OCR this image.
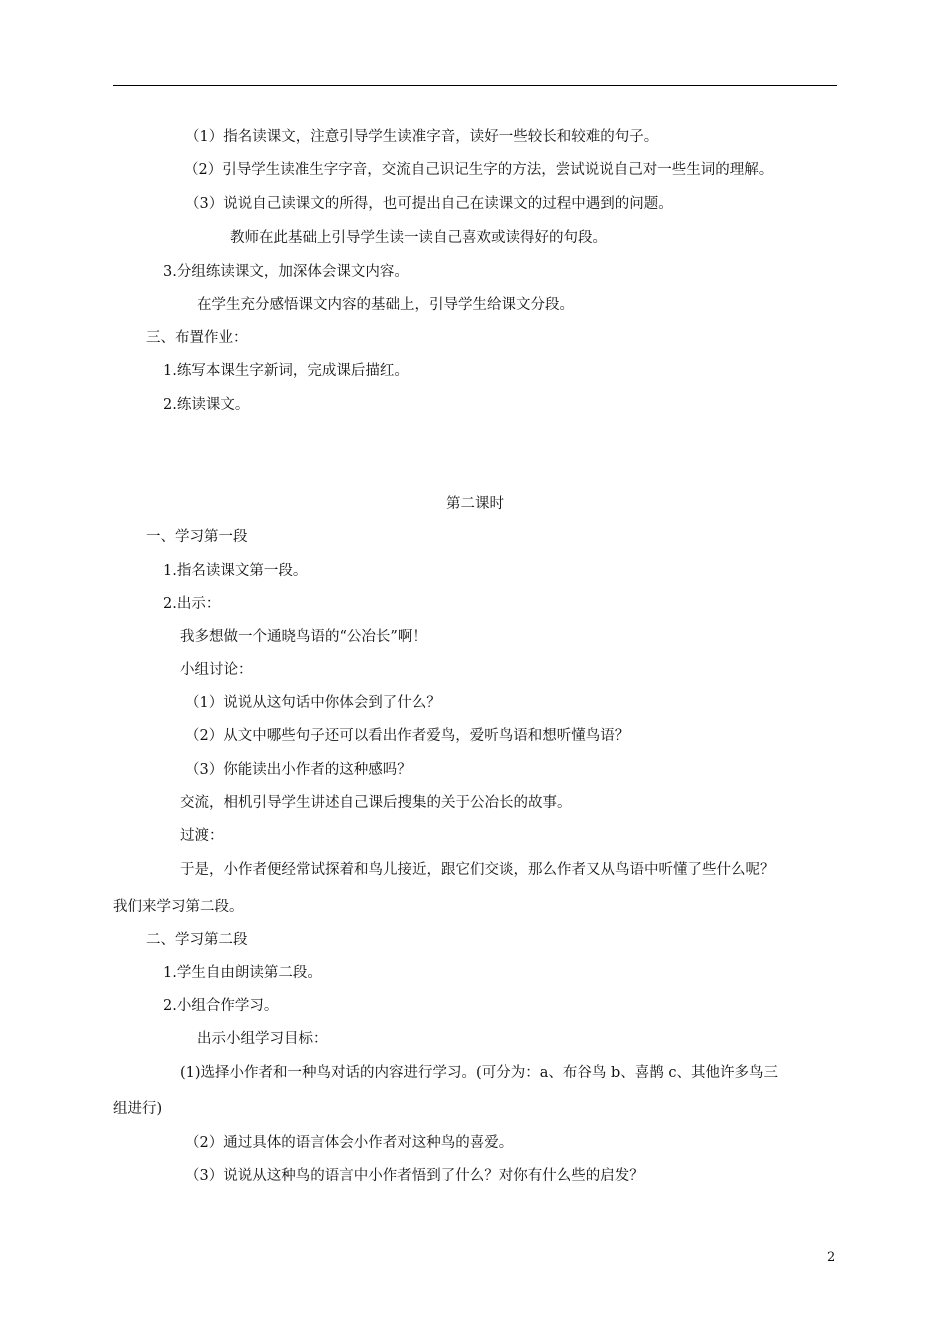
（1）指名读课文，注意引导学生读准字音，读好一些较长和较难的句子。
（2）引导学生读准生字字音，交流自己识记生字的方法，尝试说说自己对一些生词的理解。
（3）说说自己读课文的所得，也可提出自己在读课文的过程中遇到的问题。
教师在此基础上引导学生读一读自己喜欢或读得好的句段。
3.分组练读课文，加深体会课文内容。
在学生充分感悟课文内容的基础上，引导学生给课文分段。
三、布置作业：
1.练写本课生字新词，完成课后描红。
2.练读课文。
第二课时
一、学习第一段
1.指名读课文第一段。
2.出示：
我多想做一个通晓鸟语的“公冶长”啊！
小组讨论：
（1）说说从这句话中你体会到了什么？
（2）从文中哪些句子还可以看出作者爱鸟，爱听鸟语和想听懂鸟语？
（3）你能读出小作者的这种感吗？
交流，相机引导学生讲述自己课后搜集的关于公冶长的故事。
过渡：
于是，小作者便经常试探着和鸟儿接近，跟它们交谈，那么作者又从鸟语中听懂了些什么呢？
我们来学习第二段。
二、学习第二段
1.学生自由朗读第二段。
2.小组合作学习。
出示小组学习目标：
(1)选择小作者和一种鸟对话的内容进行学习。(可分为：a、布谷鸟 b、喜鹊 c、其他许多鸟三
组进行)
（2）通过具体的语言体会小作者对这种鸟的喜爱。
（3）说说从这种鸟的语言中小作者悟到了什么？对你有什么些的启发？
2
